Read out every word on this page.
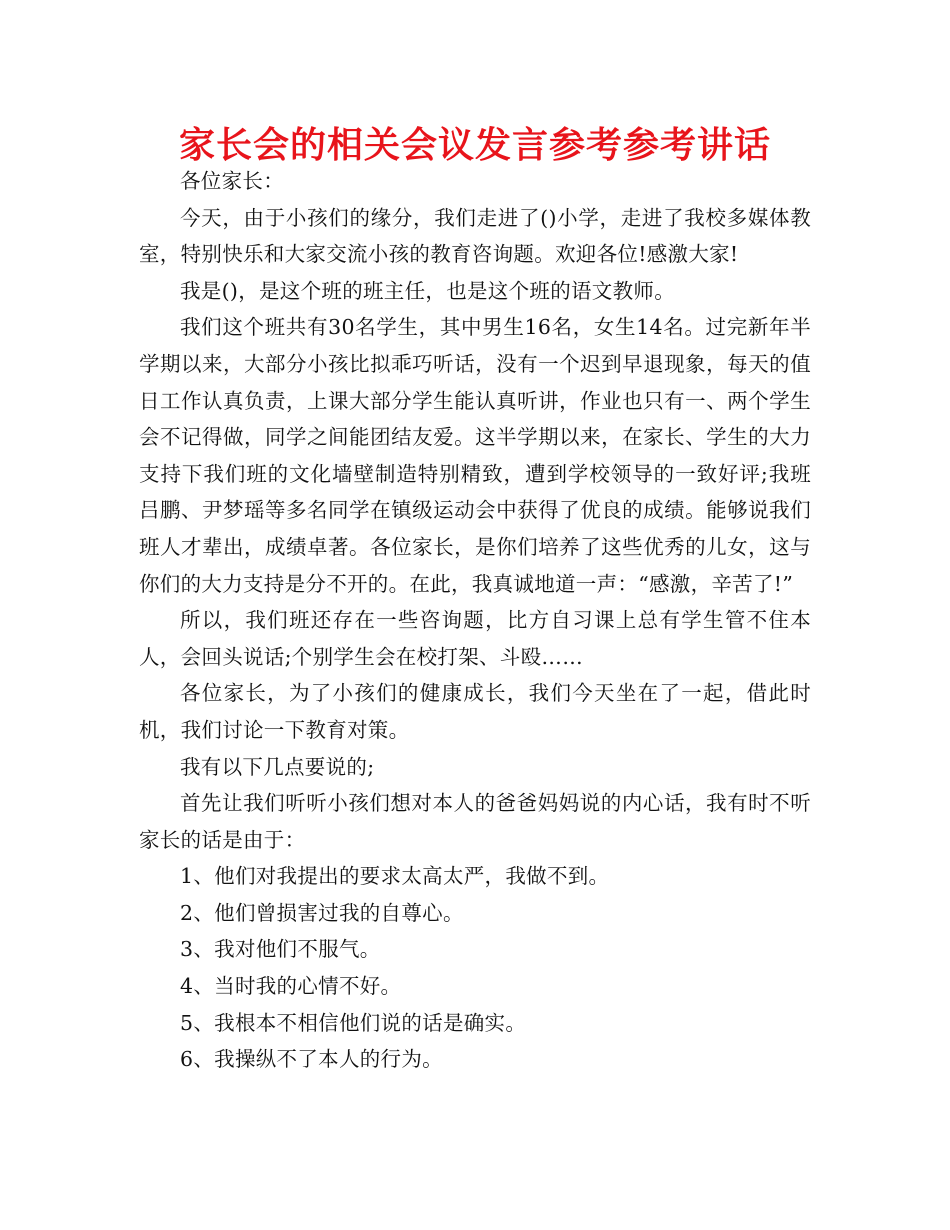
家长会的相关会议发言参考参考讲话

各位家长：

今天，由于小孩们的缘分，我们走进了()小学，走进了我校多媒体教室，特别快乐和大家交流小孩的教育咨询题。欢迎各位!感激大家!

我是()，是这个班的班主任，也是这个班的语文教师。

我们这个班共有30名学生，其中男生16名，女生14名。过完新年半学期以来，大部分小孩比拟乖巧听话，没有一个迟到早退现象，每天的值日工作认真负责，上课大部分学生能认真听讲，作业也只有一、两个学生会不记得做，同学之间能团结友爱。这半学期以来，在家长、学生的大力支持下我们班的文化墙壁制造特别精致，遭到学校领导的一致好评;我班吕鹏、尹梦瑶等多名同学在镇级运动会中获得了优良的成绩。能够说我们班人才辈出，成绩卓著。各位家长，是你们培养了这些优秀的儿女，这与你们的大力支持是分不开的。在此，我真诚地道一声：“感激，辛苦了!”

所以，我们班还存在一些咨询题，比方自习课上总有学生管不住本人，会回头说话;个别学生会在校打架、斗殴……

各位家长，为了小孩们的健康成长，我们今天坐在了一起，借此时机，我们讨论一下教育对策。

我有以下几点要说的;

首先让我们听听小孩们想对本人的爸爸妈妈说的内心话，我有时不听家长的话是由于：

1、他们对我提出的要求太高太严，我做不到。

2、他们曾损害过我的自尊心。

3、我对他们不服气。

4、当时我的心情不好。

5、我根本不相信他们说的话是确实。

6、我操纵不了本人的行为。
